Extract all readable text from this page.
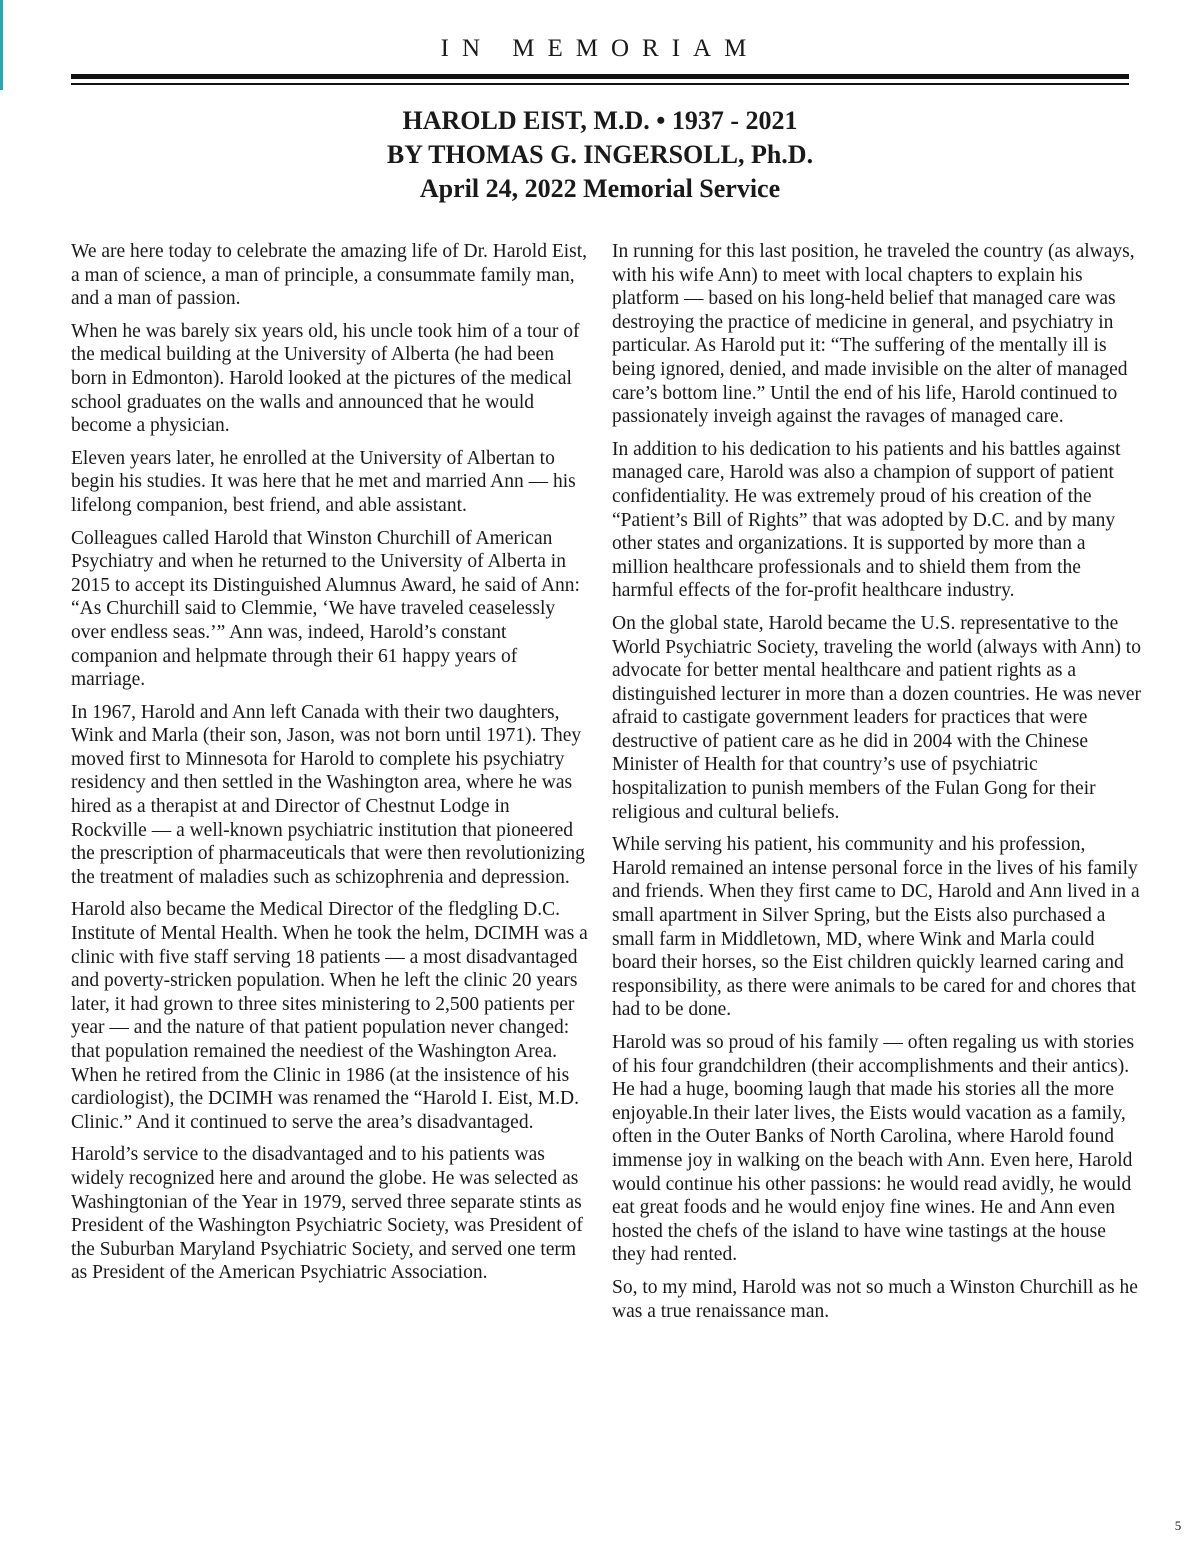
IN MEMORIAM
HAROLD EIST, M.D. • 1937 - 2021
BY THOMAS G. INGERSOLL, Ph.D.
April 24, 2022 Memorial Service

We are here today to celebrate the amazing life of Dr. Harold Eist, a man of science, a man of principle, a consummate family man, and a man of passion.

When he was barely six years old, his uncle took him of a tour of the medical building at the University of Alberta (he had been born in Edmonton). Harold looked at the pictures of the medical school graduates on the walls and announced that he would become a physician.

Eleven years later, he enrolled at the University of Albertan to begin his studies. It was here that he met and married Ann — his lifelong companion, best friend, and able assistant.

Colleagues called Harold that Winston Churchill of American Psychiatry and when he returned to the University of Alberta in 2015 to accept its Distinguished Alumnus Award, he said of Ann: “As Churchill said to Clemmie, ‘We have traveled ceaselessly over endless seas.’” Ann was, indeed, Harold’s constant companion and helpmate through their 61 happy years of marriage.

In 1967, Harold and Ann left Canada with their two daughters, Wink and Marla (their son, Jason, was not born until 1971). They moved first to Minnesota for Harold to complete his psychiatry residency and then settled in the Washington area, where he was hired as a therapist at and Director of Chestnut Lodge in Rockville — a well-known psychiatric institution that pioneered the prescription of pharmaceuticals that were then revolutionizing the treatment of maladies such as schizophrenia and depression.

Harold also became the Medical Director of the fledgling D.C. Institute of Mental Health. When he took the helm, DCIMH was a clinic with five staff serving 18 patients — a most disadvantaged and poverty-stricken population. When he left the clinic 20 years later, it had grown to three sites ministering to 2,500 patients per year — and the nature of that patient population never changed: that population remained the neediest of the Washington Area. When he retired from the Clinic in 1986 (at the insistence of his cardiologist), the DCIMH was renamed the “Harold I. Eist, M.D. Clinic.” And it continued to serve the area’s disadvantaged.

Harold’s service to the disadvantaged and to his patients was widely recognized here and around the globe. He was selected as Washingtonian of the Year in 1979, served three separate stints as President of the Washington Psychiatric Society, was President of the Suburban Maryland Psychiatric Society, and served one term as President of the American Psychiatric Association.

In running for this last position, he traveled the country (as always, with his wife Ann) to meet with local chapters to explain his platform — based on his long-held belief that managed care was destroying the practice of medicine in general, and psychiatry in particular. As Harold put it: “The suffering of the mentally ill is being ignored, denied, and made invisible on the alter of managed care’s bottom line.” Until the end of his life, Harold continued to passionately inveigh against the ravages of managed care.

In addition to his dedication to his patients and his battles against managed care, Harold was also a champion of support of patient confidentiality. He was extremely proud of his creation of the “Patient’s Bill of Rights” that was adopted by D.C. and by many other states and organizations. It is supported by more than a million healthcare professionals and to shield them from the harmful effects of the for-profit healthcare industry.

On the global state, Harold became the U.S. representative to the World Psychiatric Society, traveling the world (always with Ann) to advocate for better mental healthcare and patient rights as a distinguished lecturer in more than a dozen countries. He was never afraid to castigate government leaders for practices that were destructive of patient care as he did in 2004 with the Chinese Minister of Health for that country’s use of psychiatric hospitalization to punish members of the Fulan Gong for their religious and cultural beliefs.

While serving his patient, his community and his profession, Harold remained an intense personal force in the lives of his family and friends. When they first came to DC, Harold and Ann lived in a small apartment in Silver Spring, but the Eists also purchased a small farm in Middletown, MD, where Wink and Marla could board their horses, so the Eist children quickly learned caring and responsibility, as there were animals to be cared for and chores that had to be done.

Harold was so proud of his family — often regaling us with stories of his four grandchildren (their accomplishments and their antics). He had a huge, booming laugh that made his stories all the more enjoyable.In their later lives, the Eists would vacation as a family, often in the Outer Banks of North Carolina, where Harold found immense joy in walking on the beach with Ann. Even here, Harold would continue his other passions: he would read avidly, he would eat great foods and he would enjoy fine wines. He and Ann even hosted the chefs of the island to have wine tastings at the house they had rented.

So, to my mind, Harold was not so much a Winston Churchill as he was a true renaissance man.

5
